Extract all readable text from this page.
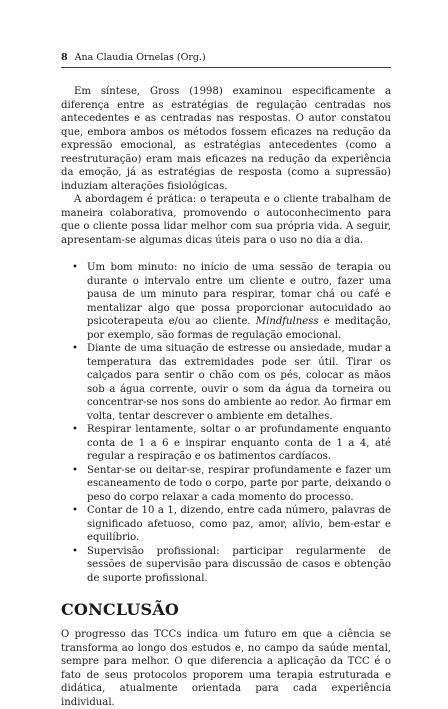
8 Ana Claudia Ornelas (Org.)

Em síntese, Gross (1998) examinou especificamente a diferença entre as estratégias de regulação centradas nos antecedentes e as centradas nas respostas. O autor constatou que, embora ambos os métodos fossem eficazes na redução da expressão emocional, as estratégias antecedentes (como a reestruturação) eram mais eficazes na redução da experiência da emoção, já as estratégias de resposta (como a supressão) induziam alterações fisiológicas.

A abordagem é prática: o terapeuta e o cliente trabalham de maneira colaborativa, promovendo o autoconhecimento para que o cliente possa lidar melhor com sua própria vida. A seguir, apresentam-se algumas dicas úteis para o uso no dia a dia.

• Um bom minuto: no início de uma sessão de terapia ou durante o intervalo entre um cliente e outro, fazer uma pausa de um minuto para respirar, tomar chá ou café e mentalizar algo que possa proporcionar autocuidado ao psicoterapeuta e/ou ao cliente. Mindfulness e meditação, por exemplo, são formas de regulação emocional.
• Diante de uma situação de estresse ou ansiedade, mudar a temperatura das extremidades pode ser útil. Tirar os calçados para sentir o chão com os pés, colocar as mãos sob a água corrente, ouvir o som da água da torneira ou concentrar-se nos sons do ambiente ao redor. Ao firmar em volta, tentar descrever o ambiente em detalhes.
• Respirar lentamente, soltar o ar profundamente enquanto conta de 1 a 6 e inspirar enquanto conta de 1 a 4, até regular a respiração e os batimentos cardíacos.
• Sentar-se ou deitar-se, respirar profundamente e fazer um escaneamento de todo o corpo, parte por parte, deixando o peso do corpo relaxar a cada momento do processo.
• Contar de 10 a 1, dizendo, entre cada número, palavras de significado afetuoso, como paz, amor, alívio, bem-estar e equilíbrio.
• Supervisão profissional: participar regularmente de sessões de supervisão para discussão de casos e obtenção de suporte profissional.
CONCLUSÃO

O progresso das TCCs indica um futuro em que a ciência se transforma ao longo dos estudos e, no campo da saúde mental, sempre para melhor. O que diferencia a aplicação da TCC é o fato de seus protocolos proporem uma terapia estruturada e didática, atualmente orientada para cada experiência individual.
